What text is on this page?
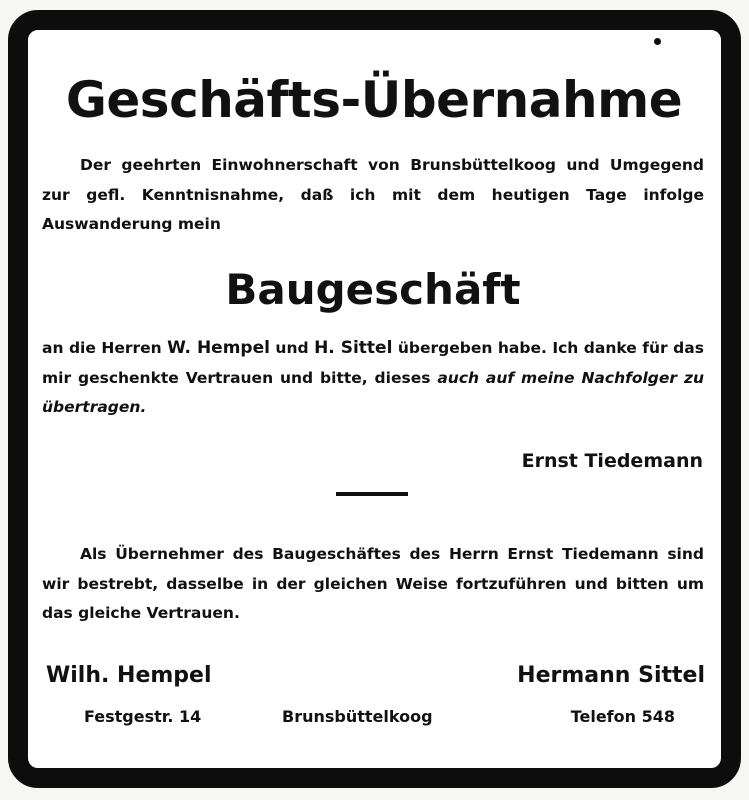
Geschäfts-Übernahme

Der geehrten Einwohnerschaft von Brunsbüttelkoog und Umgegend zur gefl. Kenntnisnahme, daß ich mit dem heutigen Tage infolge Auswanderung mein

Baugeschäft

an die Herren W. Hempel und H. Sittel übergeben habe. Ich danke für das mir geschenkte Vertrauen und bitte, dieses auch auf meine Nachfolger zu übertragen.

Ernst Tiedemann

Als Übernehmer des Baugeschäftes des Herrn Ernst Tiedemann sind wir bestrebt, dasselbe in der gleichen Weise fortzuführen und bitten um das gleiche Vertrauen.

Wilh. Hempel	Hermann Sittel

Festgestr. 14	Brunsbüttelkoog	Telefon 548
